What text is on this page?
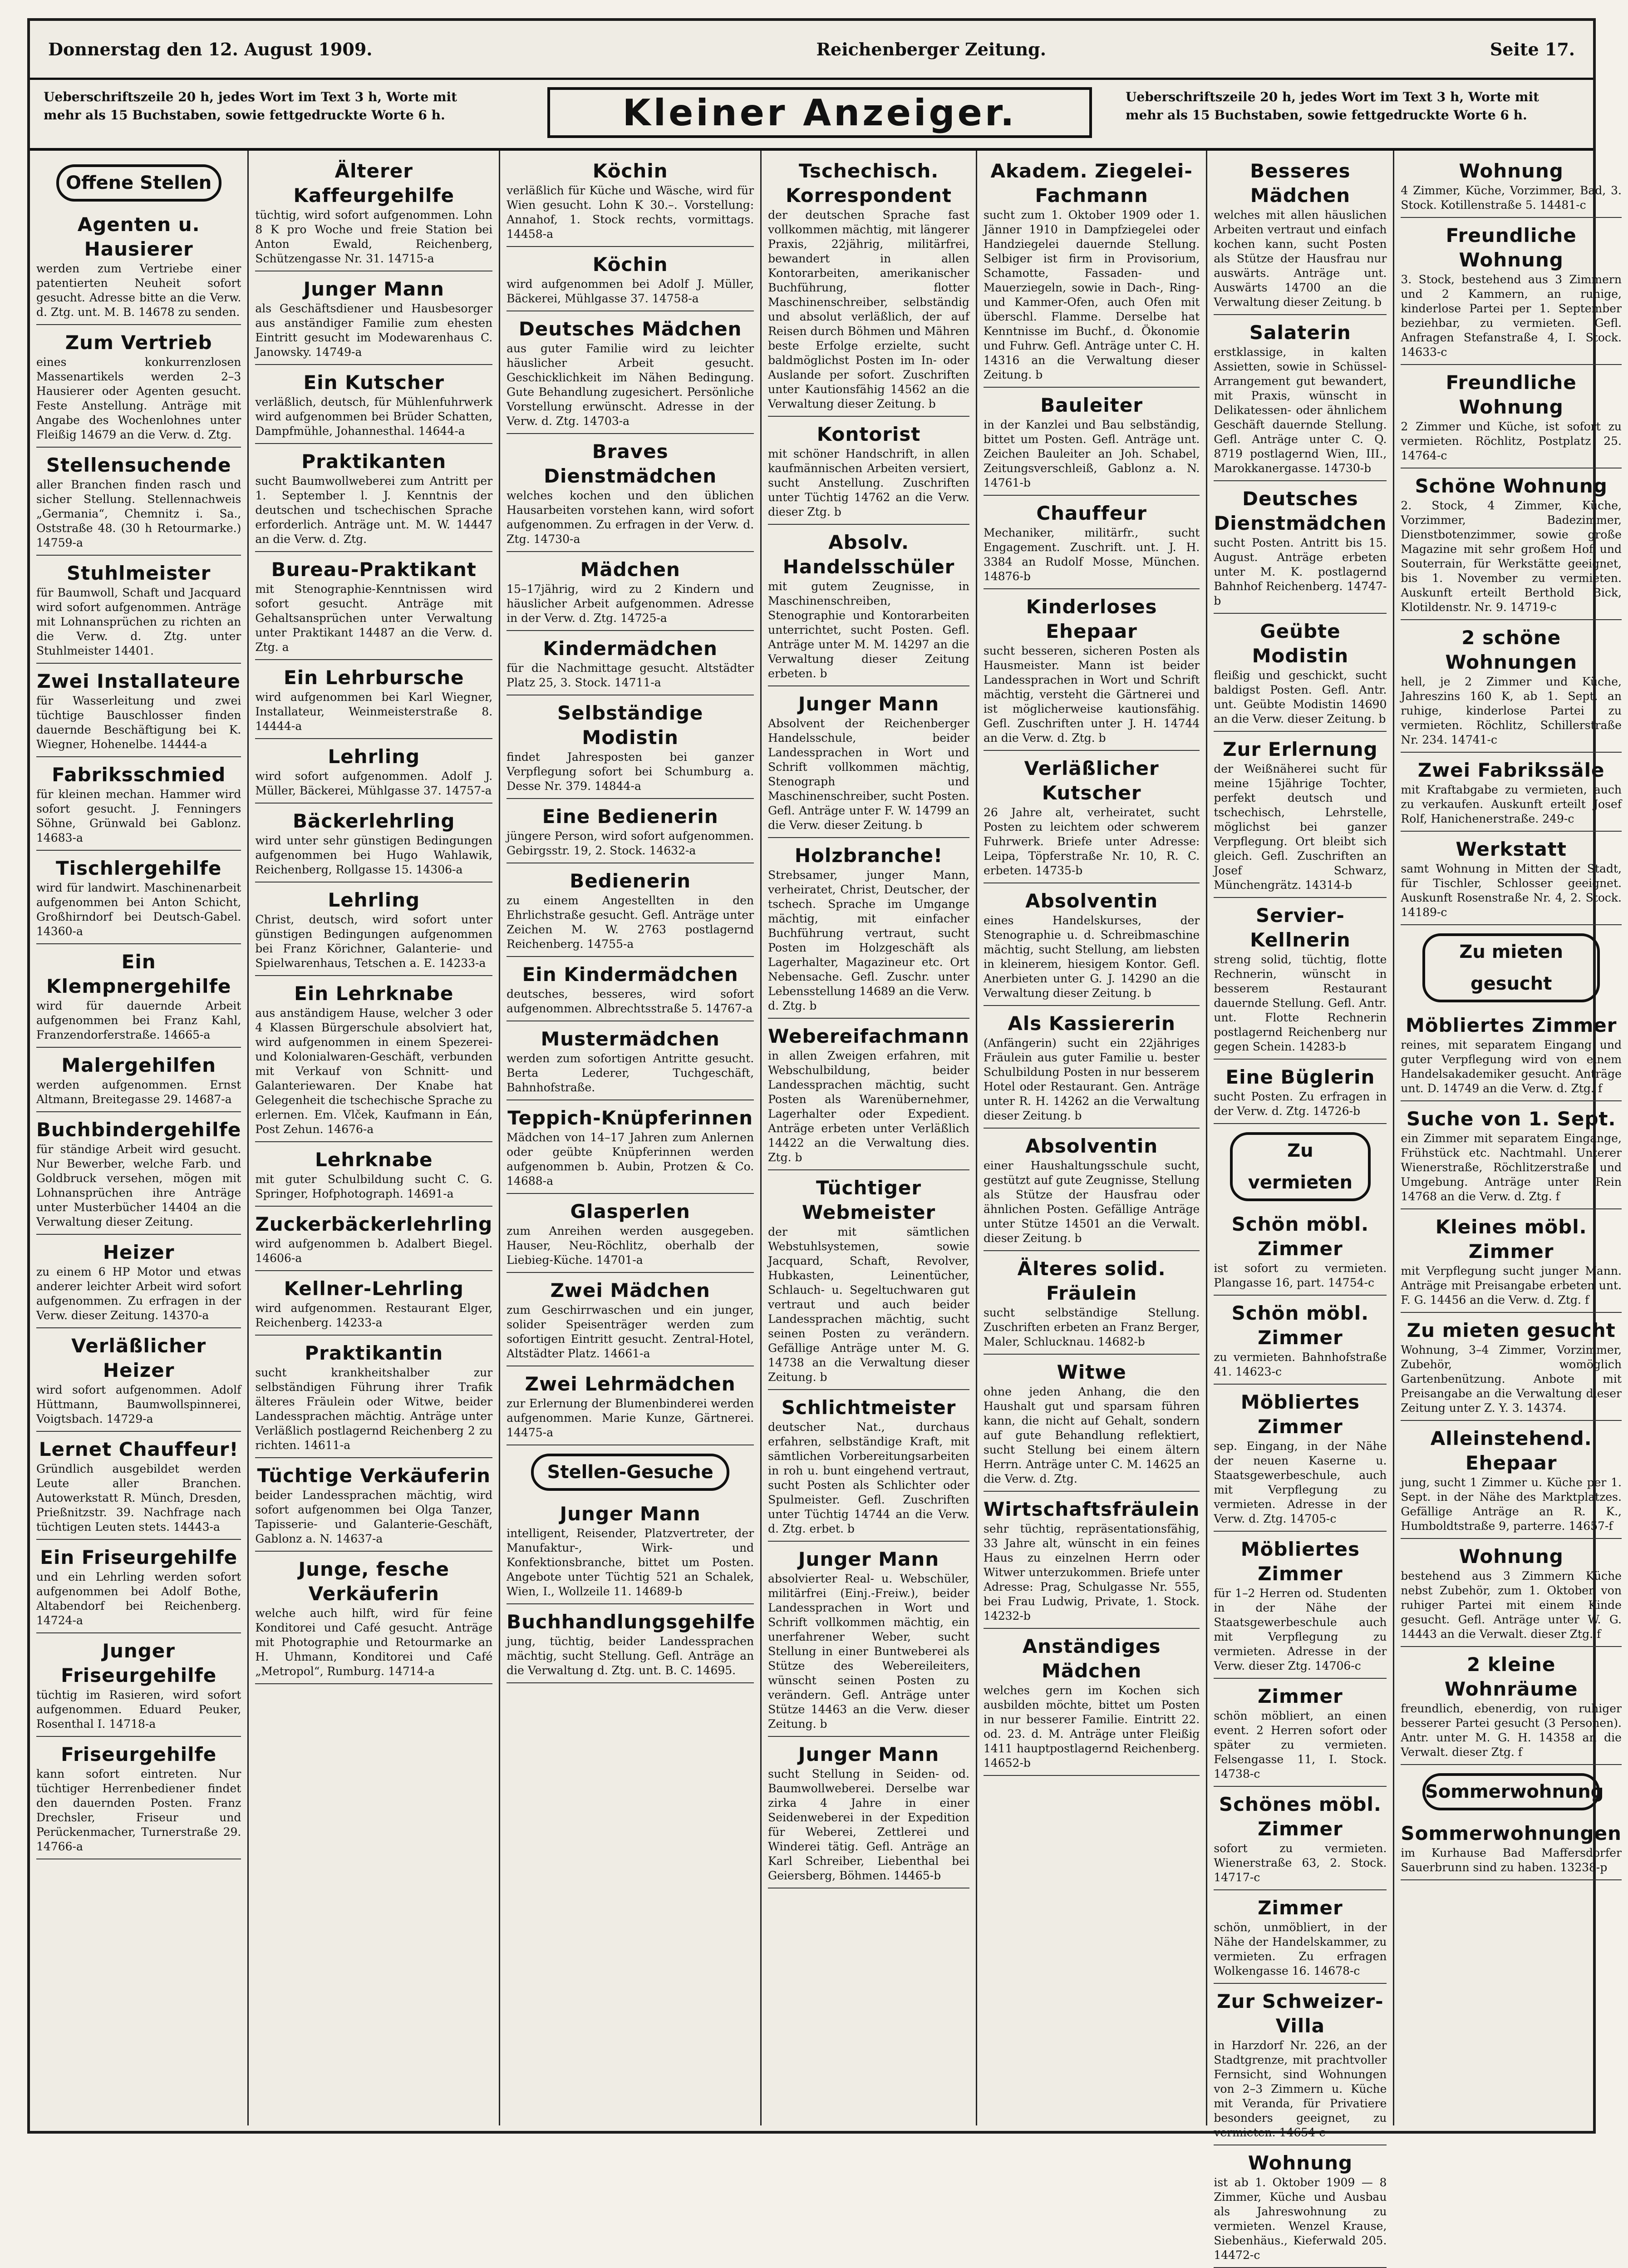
Donnerstag den 12. August 1909.	Reichenberger Zeitung.	Seite 17.
Ueberschriftszeile 20 h, jedes Wort im Text 3 h, Worte mit mehr als 15 Buchstaben, sowie fettgedruckte Worte 6 h.	Kleiner Anzeiger.	Ueberschriftszeile 20 h, jedes Wort im Text 3 h, Worte mit mehr als 15 Buchstaben, sowie fettgedruckte Worte 6 h.
Offene Stellen
Agenten u. Hausierer
werden zum Vertriebe einer patentierten Neuheit sofort gesucht. Adresse bitte an die Verw. d. Ztg. unt. M. B. 14678 zu senden.
Zum Vertrieb
eines konkurrenzlosen Massenartikels werden 2–3 Hausierer oder Agenten gesucht. Feste Anstellung. Anträge mit Angabe des Wochenlohnes unter Fleißig 14679 an die Verw. d. Ztg.
Stellensuchende
aller Branchen finden rasch und sicher Stellung. Stellennachweis „Germania“, Chemnitz i. Sa., Oststraße 48. (30 h Retourmarke.) 14759-a
Stuhlmeister
für Baumwoll, Schaft und Jacquard wird sofort aufgenommen. Anträge mit Lohnansprüchen zu richten an die Verw. d. Ztg. unter Stuhlmeister 14401.
Zwei Installateure
für Wasserleitung und zwei tüchtige Bauschlosser finden dauernde Beschäftigung bei K. Wiegner, Hohenelbe. 14444-a
Fabriksschmied
für kleinen mechan. Hammer wird sofort gesucht. J. Fenningers Söhne, Grünwald bei Gablonz. 14683-a
Tischlergehilfe
wird für landwirt. Maschinenarbeit aufgenommen bei Anton Schicht, Großhirndorf bei Deutsch-Gabel. 14360-a
Ein Klempnergehilfe
wird für dauernde Arbeit aufgenommen bei Franz Kahl, Franzendorferstraße. 14665-a
Malergehilfen
werden aufgenommen. Ernst Altmann, Breitegasse 29. 14687-a
Buchbindergehilfe
für ständige Arbeit wird gesucht. Nur Bewerber, welche Farb. und Goldbruck versehen, mögen mit Lohnansprüchen ihre Anträge unter Musterbücher 14404 an die Verwaltung dieser Zeitung.
Heizer
zu einem 6 HP Motor und etwas anderer leichter Arbeit wird sofort aufgenommen. Zu erfragen in der Verw. dieser Zeitung. 14370-a
Verläßlicher Heizer
wird sofort aufgenommen. Adolf Hüttmann, Baumwollspinnerei, Voigtsbach. 14729-a
Lernet Chauffeur!
Gründlich ausgebildet werden Leute aller Branchen. Autowerkstatt R. Münch, Dresden, Prießnitzstr. 39. Nachfrage nach tüchtigen Leuten stets. 14443-a
Ein Friseurgehilfe
und ein Lehrling werden sofort aufgenommen bei Adolf Bothe, Altabendorf bei Reichenberg. 14724-a
Junger Friseurgehilfe
tüchtig im Rasieren, wird sofort aufgenommen. Eduard Peuker, Rosenthal I. 14718-a
Friseurgehilfe
kann sofort eintreten. Nur tüchtiger Herrenbediener findet den dauernden Posten. Franz Drechsler, Friseur und Perückenmacher, Turnerstraße 29. 14766-a
Älterer Kaffeurgehilfe
tüchtig, wird sofort aufgenommen. Lohn 8 K pro Woche und freie Station bei Anton Ewald, Reichenberg, Schützengasse Nr. 31. 14715-a
Junger Mann
als Geschäftsdiener und Hausbesorger aus anständiger Familie zum ehesten Eintritt gesucht im Modewarenhaus C. Janowsky. 14749-a
Ein Kutscher
verläßlich, deutsch, für Mühlenfuhrwerk wird aufgenommen bei Brüder Schatten, Dampfmühle, Johannesthal. 14644-a
Praktikanten
sucht Baumwollweberei zum Antritt per 1. September l. J. Kenntnis der deutschen und tschechischen Sprache erforderlich. Anträge unt. M. W. 14447 an die Verw. d. Ztg.
Bureau-Praktikant
mit Stenographie-Kenntnissen wird sofort gesucht. Anträge mit Gehaltsansprüchen unter Verwaltung unter Praktikant 14487 an die Verw. d. Ztg. a
Ein Lehrbursche
wird aufgenommen bei Karl Wiegner, Installateur, Weinmeisterstraße 8. 14444-a
Lehrling
wird sofort aufgenommen. Adolf J. Müller, Bäckerei, Mühlgasse 37. 14757-a
Bäckerlehrling
wird unter sehr günstigen Bedingungen aufgenommen bei Hugo Wahlawik, Reichenberg, Rollgasse 15. 14306-a
Lehrling
Christ, deutsch, wird sofort unter günstigen Bedingungen aufgenommen bei Franz Körichner, Galanterie- und Spielwarenhaus, Tetschen a. E. 14233-a
Ein Lehrknabe
aus anständigem Hause, welcher 3 oder 4 Klassen Bürgerschule absolviert hat, wird aufgenommen in einem Spezerei- und Kolonialwaren-Geschäft, verbunden mit Verkauf von Schnitt- und Galanteriewaren. Der Knabe hat Gelegenheit die tschechische Sprache zu erlernen. Em. Vlček, Kaufmann in Eán, Post Zehun. 14676-a
Lehrknabe
mit guter Schulbildung sucht C. G. Springer, Hofphotograph. 14691-a
Zuckerbäckerlehrling
wird aufgenommen b. Adalbert Biegel. 14606-a
Kellner-Lehrling
wird aufgenommen. Restaurant Elger, Reichenberg. 14233-a
Praktikantin
sucht krankheitshalber zur selbständigen Führung ihrer Trafik älteres Fräulein oder Witwe, beider Landessprachen mächtig. Anträge unter Verläßlich postlagernd Reichenberg 2 zu richten. 14611-a
Tüchtige Verkäuferin
beider Landessprachen mächtig, wird sofort aufgenommen bei Olga Tanzer, Tapisserie- und Galanterie-Geschäft, Gablonz a. N. 14637-a
Junge, fesche Verkäuferin
welche auch hilft, wird für feine Konditorei und Café gesucht. Anträge mit Photographie und Retourmarke an H. Uhmann, Konditorei und Café „Metropol“, Rumburg. 14714-a
Köchin
verläßlich für Küche und Wäsche, wird für Wien gesucht. Lohn K 30.–. Vorstellung: Annahof, 1. Stock rechts, vormittags. 14458-a
Köchin
wird aufgenommen bei Adolf J. Müller, Bäckerei, Mühlgasse 37. 14758-a
Deutsches Mädchen
aus guter Familie wird zu leichter häuslicher Arbeit gesucht. Geschicklichkeit im Nähen Bedingung. Gute Behandlung zugesichert. Persönliche Vorstellung erwünscht. Adresse in der Verw. d. Ztg. 14703-a
Braves Dienstmädchen
welches kochen und den üblichen Hausarbeiten vorstehen kann, wird sofort aufgenommen. Zu erfragen in der Verw. d. Ztg. 14730-a
Mädchen
15–17jährig, wird zu 2 Kindern und häuslicher Arbeit aufgenommen. Adresse in der Verw. d. Ztg. 14725-a
Kindermädchen
für die Nachmittage gesucht. Altstädter Platz 25, 3. Stock. 14711-a
Selbständige Modistin
findet Jahresposten bei ganzer Verpflegung sofort bei Schumburg a. Desse Nr. 379. 14844-a
Eine Bedienerin
jüngere Person, wird sofort aufgenommen. Gebirgsstr. 19, 2. Stock. 14632-a
Bedienerin
zu einem Angestellten in den Ehrlichstraße gesucht. Gefl. Anträge unter Zeichen M. W. 2763 postlagernd Reichenberg. 14755-a
Ein Kindermädchen
deutsches, besseres, wird sofort aufgenommen. Albrechtsstraße 5. 14767-a
Mustermädchen
werden zum sofortigen Antritte gesucht. Berta Lederer, Tuchgeschäft, Bahnhofstraße.
Teppich-Knüpferinnen
Mädchen von 14–17 Jahren zum Anlernen oder geübte Knüpferinnen werden aufgenommen b. Aubin, Protzen & Co. 14688-a
Glasperlen
zum Anreihen werden ausgegeben. Hauser, Neu-Röchlitz, oberhalb der Liebieg-Küche. 14701-a
Zwei Mädchen
zum Geschirrwaschen und ein junger, solider Speisenträger werden zum sofortigen Eintritt gesucht. Zentral-Hotel, Altstädter Platz. 14661-a
Zwei Lehrmädchen
zur Erlernung der Blumenbinderei werden aufgenommen. Marie Kunze, Gärtnerei. 14475-a
Stellen-Gesuche
Junger Mann
intelligent, Reisender, Platzvertreter, der Manufaktur-, Wirk- und Konfektionsbranche, bittet um Posten. Angebote unter Tüchtig 521 an Schalek, Wien, I., Wollzeile 11. 14689-b
Buchhandlungsgehilfe
jung, tüchtig, beider Landessprachen mächtig, sucht Stellung. Gefl. Anträge an die Verwaltung d. Ztg. unt. B. C. 14695.
Tschechisch. Korrespondent
der deutschen Sprache fast vollkommen mächtig, mit längerer Praxis, 22jährig, militärfrei, bewandert in allen Kontorarbeiten, amerikanischer Buchführung, flotter Maschinenschreiber, selbständig und absolut verläßlich, der auf Reisen durch Böhmen und Mähren beste Erfolge erzielte, sucht baldmöglichst Posten im In- oder Auslande per sofort. Zuschriften unter Kautionsfähig 14562 an die Verwaltung dieser Zeitung. b
Kontorist
mit schöner Handschrift, in allen kaufmännischen Arbeiten versiert, sucht Anstellung. Zuschriften unter Tüchtig 14762 an die Verw. dieser Ztg. b
Absolv. Handelsschüler
mit gutem Zeugnisse, in Maschinenschreiben, Stenographie und Kontorarbeiten unterrichtet, sucht Posten. Gefl. Anträge unter M. M. 14297 an die Verwaltung dieser Zeitung erbeten. b
Junger Mann
Absolvent der Reichenberger Handelsschule, beider Landessprachen in Wort und Schrift vollkommen mächtig, Stenograph und Maschinenschreiber, sucht Posten. Gefl. Anträge unter F. W. 14799 an die Verw. dieser Zeitung. b
Holzbranche!
Strebsamer, junger Mann, verheiratet, Christ, Deutscher, der tschech. Sprache im Umgange mächtig, mit einfacher Buchführung vertraut, sucht Posten im Holzgeschäft als Lagerhalter, Magazineur etc. Ort Nebensache. Gefl. Zuschr. unter Lebensstellung 14689 an die Verw. d. Ztg. b
Webereifachmann
in allen Zweigen erfahren, mit Webschulbildung, beider Landessprachen mächtig, sucht Posten als Warenübernehmer, Lagerhalter oder Expedient. Anträge erbeten unter Verläßlich 14422 an die Verwaltung dies. Ztg. b
Tüchtiger Webmeister
der mit sämtlichen Webstuhlsystemen, sowie Jacquard, Schaft, Revolver, Hubkasten, Leinentücher, Schlauch- u. Segeltuchwaren gut vertraut und auch beider Landessprachen mächtig, sucht seinen Posten zu verändern. Gefällige Anträge unter M. G. 14738 an die Verwaltung dieser Zeitung. b
Schlichtmeister
deutscher Nat., durchaus erfahren, selbständige Kraft, mit sämtlichen Vorbereitungsarbeiten in roh u. bunt eingehend vertraut, sucht Posten als Schlichter oder Spulmeister. Gefl. Zuschriften unter Tüchtig 14744 an die Verw. d. Ztg. erbet. b
Junger Mann
absolvierter Real- u. Webschüler, militärfrei (Einj.-Freiw.), beider Landessprachen in Wort und Schrift vollkommen mächtig, ein unerfahrener Weber, sucht Stellung in einer Buntweberei als Stütze des Webereileiters, wünscht seinen Posten zu verändern. Gefl. Anträge unter Stütze 14463 an die Verw. dieser Zeitung. b
Junger Mann
sucht Stellung in Seiden- od. Baumwollweberei. Derselbe war zirka 4 Jahre in einer Seidenweberei in der Expedition für Weberei, Zettlerei und Winderei tätig. Gefl. Anträge an Karl Schreiber, Liebenthal bei Geiersberg, Böhmen. 14465-b
Akadem. Ziegelei-Fachmann
sucht zum 1. Oktober 1909 oder 1. Jänner 1910 in Dampfziegelei oder Handziegelei dauernde Stellung. Selbiger ist firm in Provisorium, Schamotte, Fassaden- und Mauerziegeln, sowie in Dach-, Ring- und Kammer-Ofen, auch Ofen mit überschl. Flamme. Derselbe hat Kenntnisse im Buchf., d. Ökonomie und Fuhrw. Gefl. Anträge unter C. H. 14316 an die Verwaltung dieser Zeitung. b
Bauleiter
in der Kanzlei und Bau selbständig, bittet um Posten. Gefl. Anträge unt. Zeichen Bauleiter an Joh. Schabel, Zeitungsverschleiß, Gablonz a. N. 14761-b
Chauffeur
Mechaniker, militärfr., sucht Engagement. Zuschrift. unt. J. H. 3384 an Rudolf Mosse, München. 14876-b
Kinderloses Ehepaar
sucht besseren, sicheren Posten als Hausmeister. Mann ist beider Landessprachen in Wort und Schrift mächtig, versteht die Gärtnerei und ist möglicherweise kautionsfähig. Gefl. Zuschriften unter J. H. 14744 an die Verw. d. Ztg. b
Verläßlicher Kutscher
26 Jahre alt, verheiratet, sucht Posten zu leichtem oder schwerem Fuhrwerk. Briefe unter Adresse: Leipa, Töpferstraße Nr. 10, R. C. erbeten. 14735-b
Absolventin
eines Handelskurses, der Stenographie u. d. Schreibmaschine mächtig, sucht Stellung, am liebsten in kleinerem, hiesigem Kontor. Gefl. Anerbieten unter G. J. 14290 an die Verwaltung dieser Zeitung. b
Als Kassiererin
(Anfängerin) sucht ein 22jähriges Fräulein aus guter Familie u. bester Schulbildung Posten in nur besserem Hotel oder Restaurant. Gen. Anträge unter R. H. 14262 an die Verwaltung dieser Zeitung. b
Absolventin
einer Haushaltungsschule sucht, gestützt auf gute Zeugnisse, Stellung als Stütze der Hausfrau oder ähnlichen Posten. Gefällige Anträge unter Stütze 14501 an die Verwalt. dieser Zeitung. b
Älteres solid. Fräulein
sucht selbständige Stellung. Zuschriften erbeten an Franz Berger, Maler, Schlucknau. 14682-b
Witwe
ohne jeden Anhang, die den Haushalt gut und sparsam führen kann, die nicht auf Gehalt, sondern auf gute Behandlung reflektiert, sucht Stellung bei einem ältern Herrn. Anträge unter C. M. 14625 an die Verw. d. Ztg.
Wirtschaftsfräulein
sehr tüchtig, repräsentationsfähig, 33 Jahre alt, wünscht in ein feines Haus zu einzelnen Herrn oder Witwer unterzukommen. Briefe unter Adresse: Prag, Schulgasse Nr. 555, bei Frau Ludwig, Private, 1. Stock. 14232-b
Anständiges Mädchen
welches gern im Kochen sich ausbilden möchte, bittet um Posten in nur besserer Familie. Eintritt 22. od. 23. d. M. Anträge unter Fleißig 1411 hauptpostlagernd Reichenberg. 14652-b
Besseres Mädchen
welches mit allen häuslichen Arbeiten vertraut und einfach kochen kann, sucht Posten als Stütze der Hausfrau nur auswärts. Anträge unt. Auswärts 14700 an die Verwaltung dieser Zeitung. b
Salaterin
erstklassige, in kalten Assietten, sowie in Schüssel-Arrangement gut bewandert, mit Praxis, wünscht in Delikatessen- oder ähnlichem Geschäft dauernde Stellung. Gefl. Anträge unter C. Q. 8719 postlagernd Wien, III., Marokkanergasse. 14730-b
Deutsches Dienstmädchen
sucht Posten. Antritt bis 15. August. Anträge erbeten unter M. K. postlagernd Bahnhof Reichenberg. 14747-b
Geübte Modistin
fleißig und geschickt, sucht baldigst Posten. Gefl. Antr. unt. Geübte Modistin 14690 an die Verw. dieser Zeitung. b
Zur Erlernung
der Weißnäherei sucht für meine 15jährige Tochter, perfekt deutsch und tschechisch, Lehrstelle, möglichst bei ganzer Verpflegung. Ort bleibt sich gleich. Gefl. Zuschriften an Josef Schwarz, Münchengrätz. 14314-b
Servier-Kellnerin
streng solid, tüchtig, flotte Rechnerin, wünscht in besserem Restaurant dauernde Stellung. Gefl. Antr. unt. Flotte Rechnerin postlagernd Reichenberg nur gegen Schein. 14283-b
Eine Büglerin
sucht Posten. Zu erfragen in der Verw. d. Ztg. 14726-b
Zu vermieten
Schön möbl. Zimmer
ist sofort zu vermieten. Plangasse 16, part. 14754-c
Schön möbl. Zimmer
zu vermieten. Bahnhofstraße 41. 14623-c
Möbliertes Zimmer
sep. Eingang, in der Nähe der neuen Kaserne u. Staatsgewerbeschule, auch mit Verpflegung zu vermieten. Adresse in der Verw. d. Ztg. 14705-c
Möbliertes Zimmer
für 1–2 Herren od. Studenten in der Nähe der Staatsgewerbeschule auch mit Verpflegung zu vermieten. Adresse in der Verw. dieser Ztg. 14706-c
Zimmer
schön möbliert, an einen event. 2 Herren sofort oder später zu vermieten. Felsengasse 11, I. Stock. 14738-c
Schönes möbl. Zimmer
sofort zu vermieten. Wienerstraße 63, 2. Stock. 14717-c
Zimmer
schön, unmöbliert, in der Nähe der Handelskammer, zu vermieten. Zu erfragen Wolkengasse 16. 14678-c
Zur Schweizer-Villa
in Harzdorf Nr. 226, an der Stadtgrenze, mit prachtvoller Fernsicht, sind Wohnungen von 2–3 Zimmern u. Küche mit Veranda, für Privatiere besonders geeignet, zu vermieten. 14654-c
Wohnung
ist ab 1. Oktober 1909 — 8 Zimmer, Küche und Ausbau als Jahreswohnung zu vermieten. Wenzel Krause, Siebenhäus., Kieferwald 205. 14472-c
Wohnung
4 Zimmer, Küche, Vorzimmer, Bad, 3. Stock. Kotillenstraße 5. 14481-c
Freundliche Wohnung
3. Stock, bestehend aus 3 Zimmern und 2 Kammern, an ruhige, kinderlose Partei per 1. September beziehbar, zu vermieten. Gefl. Anfragen Stefanstraße 4, I. Stock. 14633-c
Freundliche Wohnung
2 Zimmer und Küche, ist sofort zu vermieten. Röchlitz, Postplatz 25. 14764-c
Schöne Wohnung
2. Stock, 4 Zimmer, Küche, Vorzimmer, Badezimmer, Dienstbotenzimmer, sowie große Magazine mit sehr großem Hof und Souterrain, für Werkstätte geeignet, bis 1. November zu vermieten. Auskunft erteilt Berthold Bick, Klotildenstr. Nr. 9. 14719-c
2 schöne Wohnungen
hell, je 2 Zimmer und Küche, Jahreszins 160 K, ab 1. Sept. an ruhige, kinderlose Partei zu vermieten. Röchlitz, Schillerstraße Nr. 234. 14741-c
Zwei Fabrikssäle
mit Kraftabgabe zu vermieten, auch zu verkaufen. Auskunft erteilt Josef Rolf, Hanichenerstraße. 249-c
Werkstatt
samt Wohnung in Mitten der Stadt, für Tischler, Schlosser geeignet. Auskunft Rosenstraße Nr. 4, 2. Stock. 14189-c
Zu mieten gesucht
Möbliertes Zimmer
reines, mit separatem Eingang und guter Verpflegung wird von einem Handelsakademiker gesucht. Anträge unt. D. 14749 an die Verw. d. Ztg. f
Suche von 1. Sept.
ein Zimmer mit separatem Eingange, Frühstück etc. Nachtmahl. Unterer Wienerstraße, Röchlitzerstraße und Umgebung. Anträge unter Rein 14768 an die Verw. d. Ztg. f
Kleines möbl. Zimmer
mit Verpflegung sucht junger Mann. Anträge mit Preisangabe erbeten unt. F. G. 14456 an die Verw. d. Ztg. f
Zu mieten gesucht
Wohnung, 3–4 Zimmer, Vorzimmer, Zubehör, womöglich Gartenbenützung. Anbote mit Preisangabe an die Verwaltung dieser Zeitung unter Z. Y. 3. 14374.
Alleinstehend. Ehepaar
jung, sucht 1 Zimmer u. Küche per 1. Sept. in der Nähe des Marktplatzes. Gefällige Anträge an R. K., Humboldtstraße 9, parterre. 14657-f
Wohnung
bestehend aus 3 Zimmern Küche nebst Zubehör, zum 1. Oktober von ruhiger Partei mit einem Kinde gesucht. Gefl. Anträge unter W. G. 14443 an die Verwalt. dieser Ztg. f
2 kleine Wohnräume
freundlich, ebenerdig, von ruhiger besserer Partei gesucht (3 Personen). Antr. unter M. G. H. 14358 an die Verwalt. dieser Ztg. f
Sommerwohnung
Sommerwohnungen
im Kurhause Bad Maffersdorfer Sauerbrunn sind zu haben. 13238-p
